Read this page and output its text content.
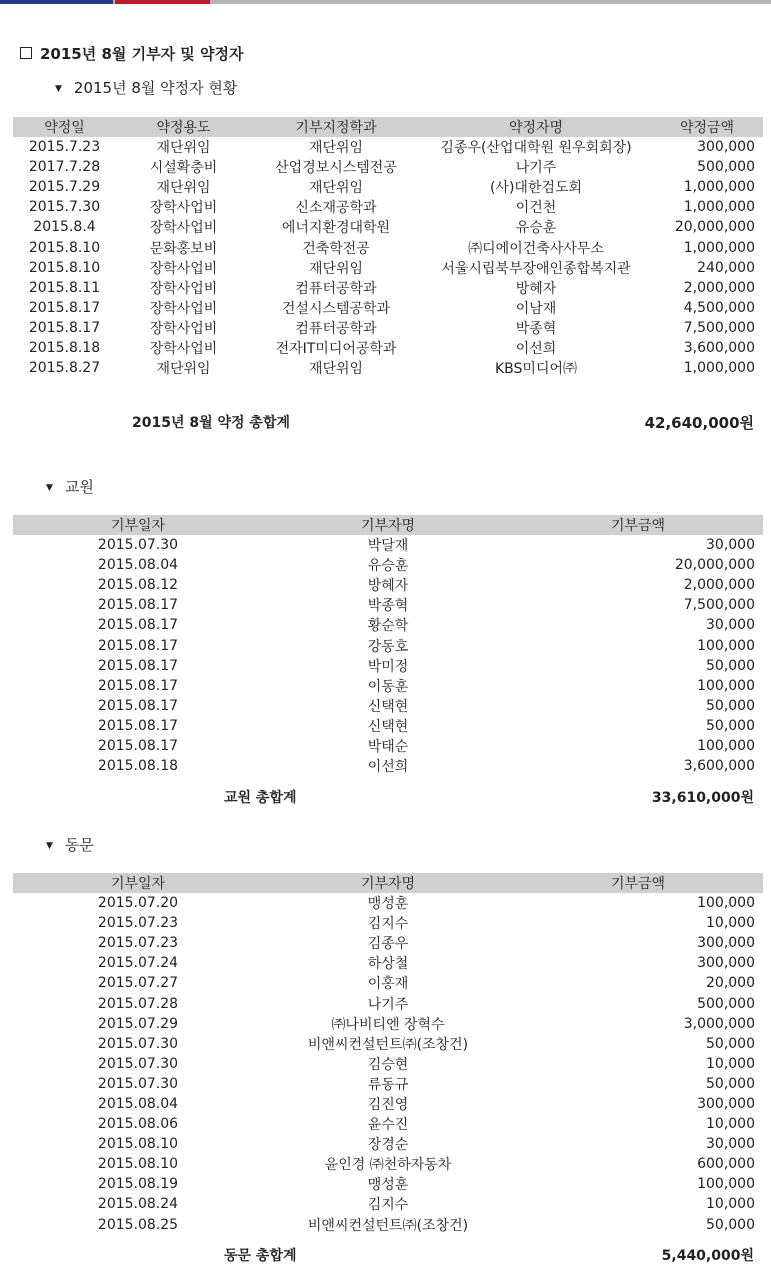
2015년 8월 기부자 및 약정자
▼ 2015년 8월 약정자 현황
약정일	약정용도	기부지정학과	약정자명	약정금액
2015.7.23	재단위임	재단위임	김종우(산업대학원 원우회회장)	300,000
2017.7.28	시설확충비	산업경보시스템전공	나기주	500,000
2015.7.29	재단위임	재단위임	(사)대한검도회	1,000,000
2015.7.30	장학사업비	신소재공학과	이건천	1,000,000
2015.8.4	장학사업비	에너지환경대학원	유승훈	20,000,000
2015.8.10	문화홍보비	건축학전공	㈜디에이건축사사무소	1,000,000
2015.8.10	장학사업비	재단위임	서울시립북부장애인종합복지관	240,000
2015.8.11	장학사업비	컴퓨터공학과	방혜자	2,000,000
2015.8.17	장학사업비	건설시스템공학과	이남재	4,500,000
2015.8.17	장학사업비	컴퓨터공학과	박종혁	7,500,000
2015.8.18	장학사업비	전자IT미디어공학과	이선희	3,600,000
2015.8.27	재단위임	재단위임	KBS미디어㈜	1,000,000
2015년 8월 약정 총합계	42,640,000원
▼ 교원
기부일자	기부자명	기부금액
2015.07.30	박달재	30,000
2015.08.04	유승훈	20,000,000
2015.08.12	방혜자	2,000,000
2015.08.17	박종혁	7,500,000
2015.08.17	황순학	30,000
2015.08.17	강동호	100,000
2015.08.17	박미정	50,000
2015.08.17	이동훈	100,000
2015.08.17	신택현	50,000
2015.08.17	신택현	50,000
2015.08.17	박태순	100,000
2015.08.18	이선희	3,600,000
교원 총합계	33,610,000원
▼ 동문
기부일자	기부자명	기부금액
2015.07.20	맹성훈	100,000
2015.07.23	김지수	10,000
2015.07.23	김종우	300,000
2015.07.24	하상철	300,000
2015.07.27	이홍재	20,000
2015.07.28	나기주	500,000
2015.07.29	㈜나비티엔 장혁수	3,000,000
2015.07.30	비앤씨컨설턴트㈜(조창건)	50,000
2015.07.30	김승현	10,000
2015.07.30	류동규	50,000
2015.08.04	김진영	300,000
2015.08.06	윤수진	10,000
2015.08.10	장경순	30,000
2015.08.10	윤인경 ㈜천하자동차	600,000
2015.08.19	맹성훈	100,000
2015.08.24	김지수	10,000
2015.08.25	비앤씨컨설턴트㈜(조창건)	50,000
동문 총합계	5,440,000원
